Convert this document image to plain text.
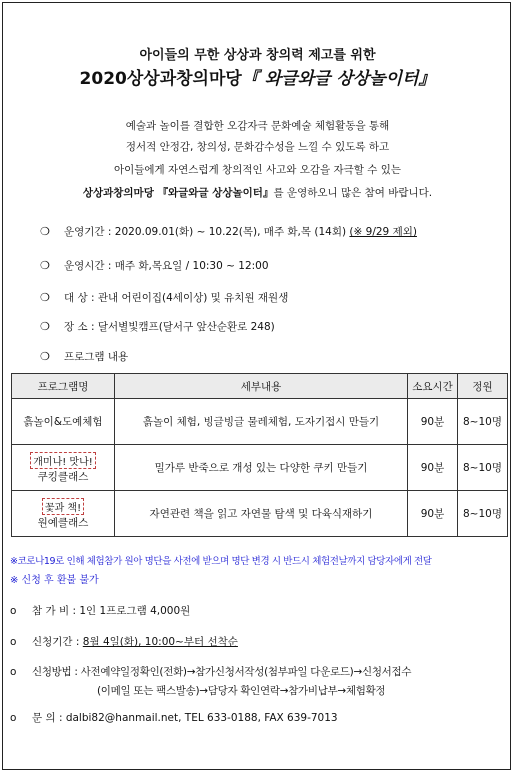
아이들의 무한 상상과 창의력 제고를 위한
2020상상과창의마당『 와글와글 상상놀이터』
예술과 놀이를 결합한 오감자극 문화예술 체험활동을 통해
정서적 안정감, 창의성, 문화감수성을 느낄 수 있도록 하고
아이들에게 자연스럽게 창의적인 사고와 오감을 자극할 수 있는
상상과창의마당 『와글와글 상상놀이터』를 운영하오니 많은 참여 바랍니다.
❍ 운영기간 : 2020.09.01(화) ~ 10.22(목), 매주 화,목 (14회) (※ 9/29 제외)
❍ 운영시간 : 매주 화,목요일 / 10:30 ~ 12:00
❍ 대 상 : 관내 어린이집(4세이상) 및 유치원 재원생
❍ 장 소 : 달서별빛캠프(달서구 앞산순환로 248)
❍ 프로그램 내용
프로그램명	세부내용	소요시간	정원
흙놀이&도예체험	흙놀이 체험, 빙글빙글 물레체험, 도자기접시 만들기	90분	8~10명
개미나! 맛나!
쿠킹클래스	밀가루 반죽으로 개성 있는 다양한 쿠키 만들기	90분	8~10명
꽃과 책!
원예클래스	자연관련 책을 읽고 자연물 탐색 및 다육식재하기	90분	8~10명
※코로나19로 인해 체험참가 원아 명단을 사전에 받으며 명단 변경 시 반드시 체험전날까지 담당자에게 전달
※ 신청 후 환불 불가
o 참 가 비 : 1인 1프로그램 4,000원
o 신청기간 : 8월 4일(화), 10:00~부터 선착순
o 신청방법 : 사전예약일정확인(전화)→참가신청서작성(첨부파일 다운로드)→신청서접수
(이메일 또는 팩스발송)→담당자 확인연락→참가비납부→체험확정
o 문 의 : dalbi82@hanmail.net, TEL 633-0188, FAX 639-7013
